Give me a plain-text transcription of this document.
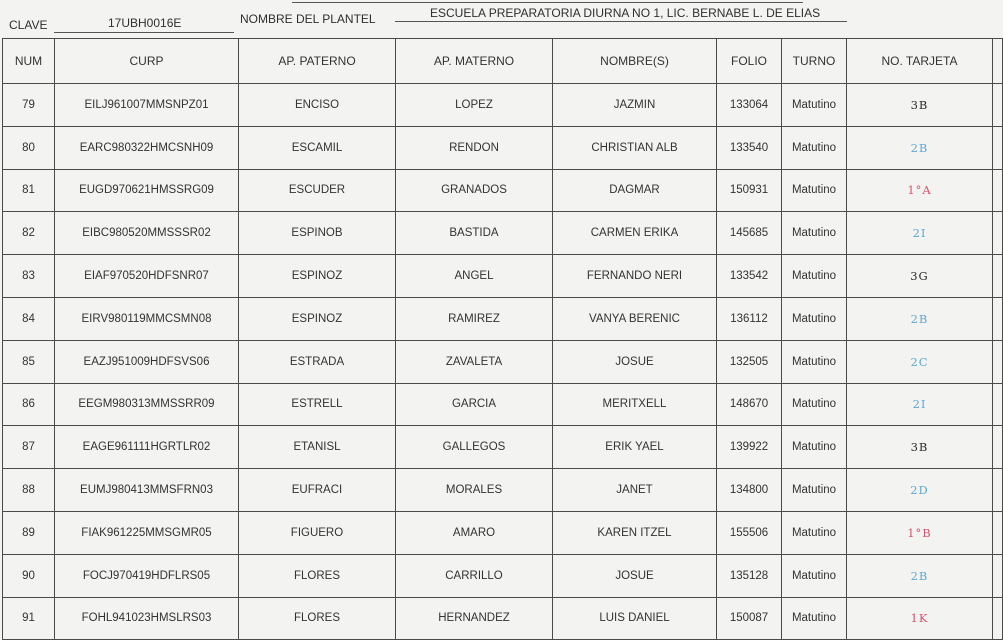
CLAVE	17UBH0016E	NOMBRE DEL PLANTEL	ESCUELA PREPARATORIA DIURNA NO 1, LIC. BERNABE L. DE ELIAS
NUM	CURP	AP. PATERNO	AP. MATERNO	NOMBRE(S)	FOLIO	TURNO	NO. TARJETA	
79	EILJ961007MMSNPZ01	ENCISO	LOPEZ	JAZMIN	133064	Matutino	3B	
80	EARC980322HMCSNH09	ESCAMIL	RENDON	CHRISTIAN ALB	133540	Matutino	2B	
81	EUGD970621HMSSRG09	ESCUDER	GRANADOS	DAGMAR	150931	Matutino	1°A	
82	EIBC980520MMSSSR02	ESPINOB	BASTIDA	CARMEN ERIKA	145685	Matutino	2I	
83	EIAF970520HDFSNR07	ESPINOZ	ANGEL	FERNANDO NERI	133542	Matutino	3G	
84	EIRV980119MMCSMN08	ESPINOZ	RAMIREZ	VANYA BERENIC	136112	Matutino	2B	
85	EAZJ951009HDFSVS06	ESTRADA	ZAVALETA	JOSUE	132505	Matutino	2C	
86	EEGM980313MMSSRR09	ESTRELL	GARCIA	MERITXELL	148670	Matutino	2I	
87	EAGE961111HGRTLR02	ETANISL	GALLEGOS	ERIK YAEL	139922	Matutino	3B	
88	EUMJ980413MMSFRN03	EUFRACI	MORALES	JANET	134800	Matutino	2D	
89	FIAK961225MMSGMR05	FIGUERO	AMARO	KAREN ITZEL	155506	Matutino	1°B	
90	FOCJ970419HDFLRS05	FLORES	CARRILLO	JOSUE	135128	Matutino	2B	
91	FOHL941023HMSLRS03	FLORES	HERNANDEZ	LUIS DANIEL	150087	Matutino	1K	
